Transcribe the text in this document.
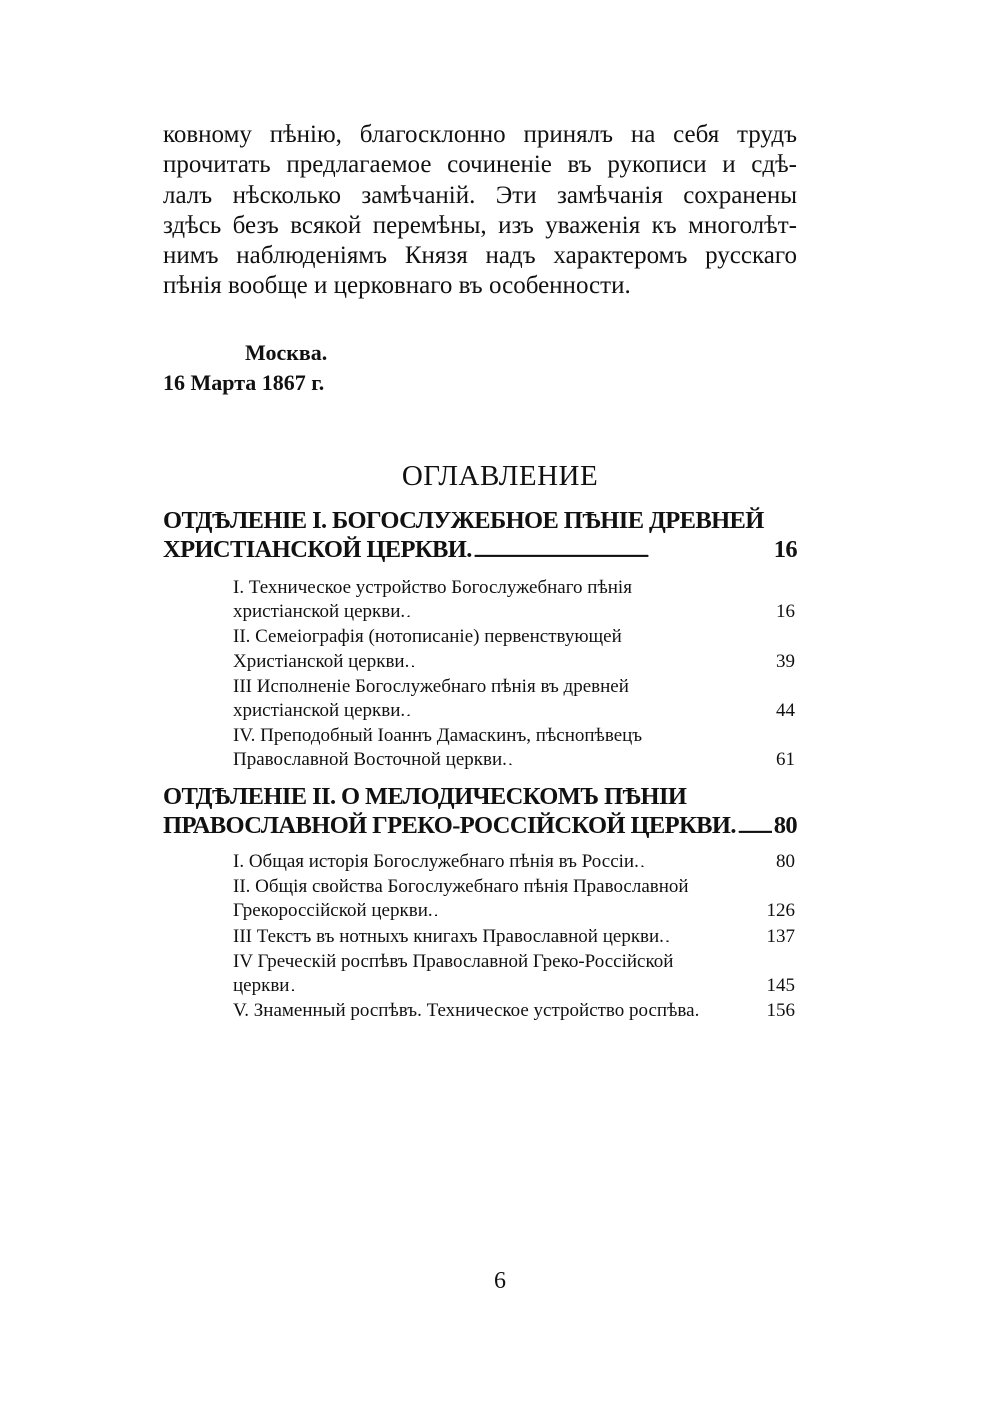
ковному пѣнію, благосклонно принялъ на себя трудъ
прочитать предлагаемое сочиненіе въ рукописи и сдѣ-
лалъ нѣсколько замѣчаній. Эти замѣчанія сохранены
здѣсь безъ всякой перемѣны, изъ уваженія къ многолѣт-
нимъ наблюденіямъ Князя надъ характеромъ русскаго
пѣнія вообще и церковнаго въ особенности.
Москва.
16 Марта 1867 г.
ОГЛАВЛЕНИЕ
ОТДѢЛЕНІЕ I. БОГОСЛУЖЕБНОЕ ПѢНІЕ ДРЕВНЕЙ
ХРИСТІАНСКОЙ ЦЕРКВИ. . . .	16
I. Техническое устройство Богослужебнаго пѣнія
христіанской церкви. . . .	16
II. Семеіографія (нотописаніе) первенствующей
Христіанской церкви. . . .	39
III Исполненіе Богослужебнаго пѣнія въ древней
христіанской церкви. . . .	44
IV. Преподобный Іоаннъ Дамаскинъ, пѣснопѣвецъ
Православной Восточной церкви. . . .	61
ОТДѢЛЕНІЕ II. О МЕЛОДИЧЕСКОМЪ ПѢНІИ
ПРАВОСЛАВНОЙ ГРЕКО-РОССІЙСКОЙ ЦЕРКВИ. . . . 80
I. Общая исторія Богослужебнаго пѣнія въ Россіи. . . .	80
II. Общія свойства Богослужебнаго пѣнія Православной
Грекороссійской церкви. . . .	126
III Текстъ въ нотныхъ книгахъ Православной церкви. . . .	137
IV Греческій роспѣвъ Православной Греко-Россійской
церкви . . .	145
V. Знаменный роспѣвъ. Техническое устройство роспѣва.	156
6
